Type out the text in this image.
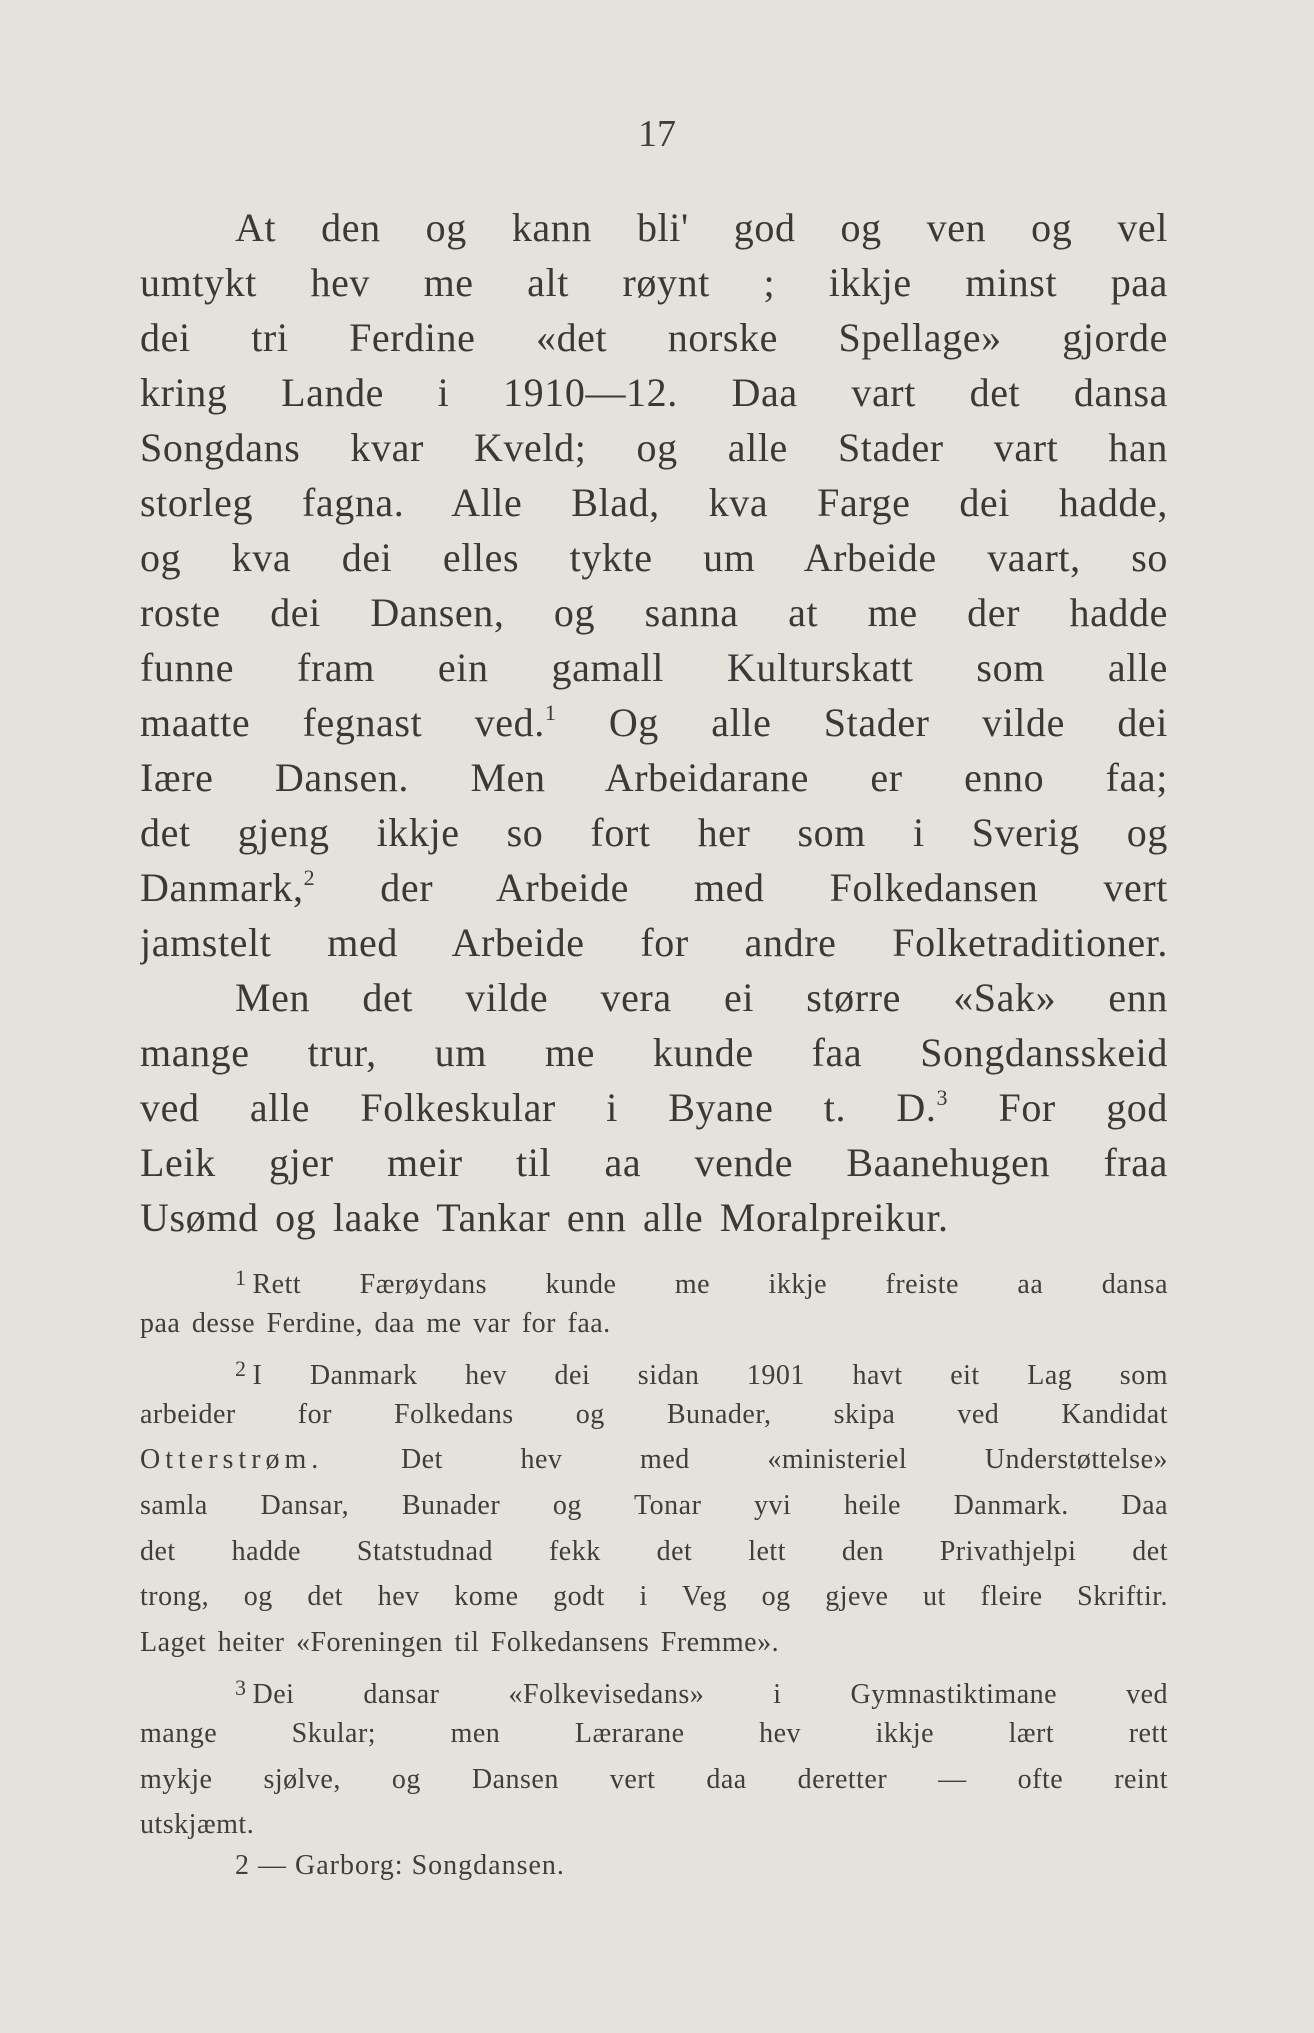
17
At den og kann bli' god og ven og vel
umtykt hev me alt røynt ; ikkje minst paa
dei tri Ferdine «det norske Spellage» gjorde
kring Lande i 1910—12. Daa vart det dansa
Songdans kvar Kveld; og alle Stader vart han
storleg fagna. Alle Blad, kva Farge dei hadde,
og kva dei elles tykte um Arbeide vaart, so
roste dei Dansen, og sanna at me der hadde
funne fram ein gamall Kulturskatt som alle
maatte fegnast ved.$^1$ Og alle Stader vilde dei
Iære Dansen. Men Arbeidarane er enno faa;
det gjeng ikkje so fort her som i Sverig og
Danmark,$^2$ der Arbeide med Folkedansen vert
jamstelt med Arbeide for andre Folketraditioner.
Men det vilde vera ei større «Sak» enn
mange trur, um me kunde faa Songdansskeid
ved alle Folkeskular i Byane t. D.$^3$ For god
Leik gjer meir til aa vende Baanehugen fraa
Usømd og laake Tankar enn alle Moralpreikur.
$^1$ Rett Færøydans kunde me ikkje freiste aa dansa
paa desse Ferdine, daa me var for faa.
$^2$ I Danmark hev dei sidan 1901 havt eit Lag som
arbeider for Folkedans og Bunader, skipa ved Kandidat
Otterstrøm. Det hev med «ministeriel Understøttelse»
samla Dansar, Bunader og Tonar yvi heile Danmark. Daa
det hadde Statstudnad fekk det lett den Privathjelpi det
trong, og det hev kome godt i Veg og gjeve ut fleire Skriftir.
Laget heiter «Foreningen til Folkedansens Fremme».
$^3$ Dei dansar «Folkevisedans» i Gymnastiktimane ved
mange Skular; men Lærarane hev ikkje lært rett
mykje sjølve, og Dansen vert daa deretter — ofte reint
utskjæmt.
2 — Garborg: Songdansen.
